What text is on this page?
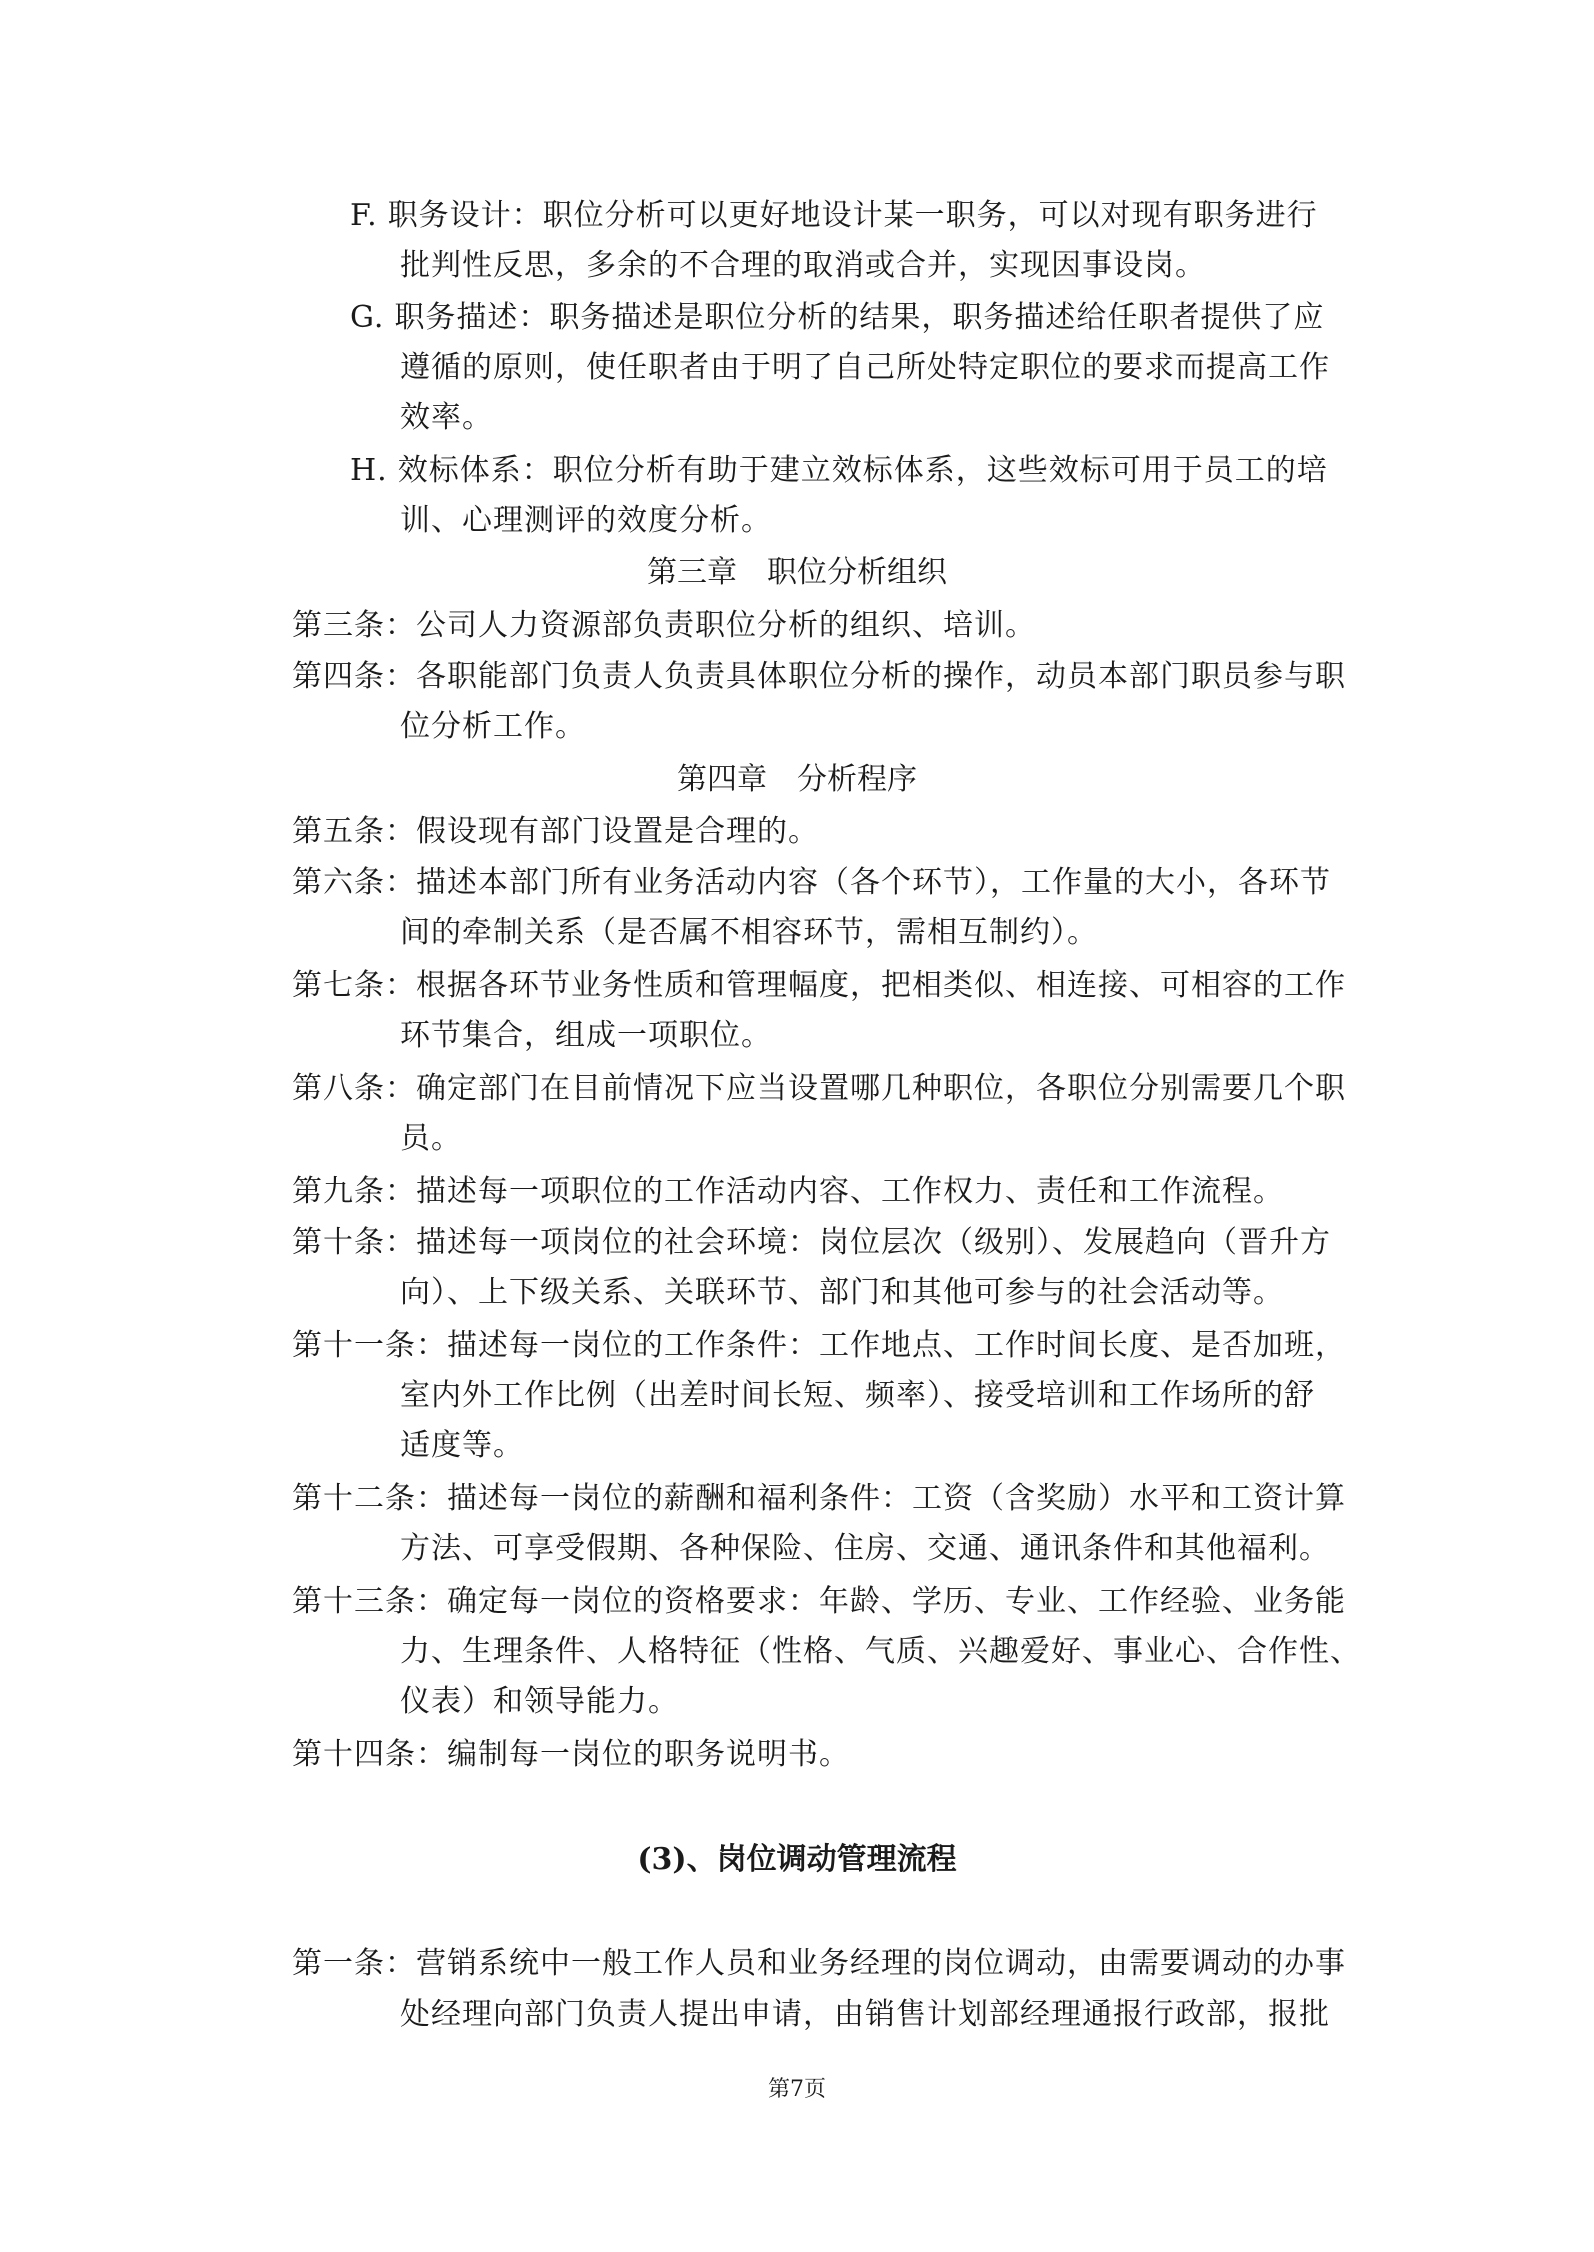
F. 职务设计：职位分析可以更好地设计某一职务，可以对现有职务进行
批判性反思，多余的不合理的取消或合并，实现因事设岗。
G. 职务描述：职务描述是职位分析的结果，职务描述给任职者提供了应
遵循的原则，使任职者由于明了自己所处特定职位的要求而提高工作
效率。
H. 效标体系：职位分析有助于建立效标体系，这些效标可用于员工的培
训、心理测评的效度分析。
第三章　职位分析组织
第三条：公司人力资源部负责职位分析的组织、培训。
第四条：各职能部门负责人负责具体职位分析的操作，动员本部门职员参与职
位分析工作。
第四章　分析程序
第五条：假设现有部门设置是合理的。
第六条：描述本部门所有业务活动内容（各个环节），工作量的大小，各环节
间的牵制关系（是否属不相容环节，需相互制约）。
第七条：根据各环节业务性质和管理幅度，把相类似、相连接、可相容的工作
环节集合，组成一项职位。
第八条：确定部门在目前情况下应当设置哪几种职位，各职位分别需要几个职
员。
第九条：描述每一项职位的工作活动内容、工作权力、责任和工作流程。
第十条：描述每一项岗位的社会环境：岗位层次（级别）、发展趋向（晋升方
向）、上下级关系、关联环节、部门和其他可参与的社会活动等。
第十一条：描述每一岗位的工作条件：工作地点、工作时间长度、是否加班，
室内外工作比例（出差时间长短、频率）、接受培训和工作场所的舒
适度等。
第十二条：描述每一岗位的薪酬和福利条件：工资（含奖励）水平和工资计算
方法、可享受假期、各种保险、住房、交通、通讯条件和其他福利。
第十三条：确定每一岗位的资格要求：年龄、学历、专业、工作经验、业务能
力、生理条件、人格特征（性格、气质、兴趣爱好、事业心、合作性、
仪表）和领导能力。
第十四条：编制每一岗位的职务说明书。
(3)、岗位调动管理流程
第一条：营销系统中一般工作人员和业务经理的岗位调动，由需要调动的办事
处经理向部门负责人提出申请，由销售计划部经理通报行政部，报批
第7页
